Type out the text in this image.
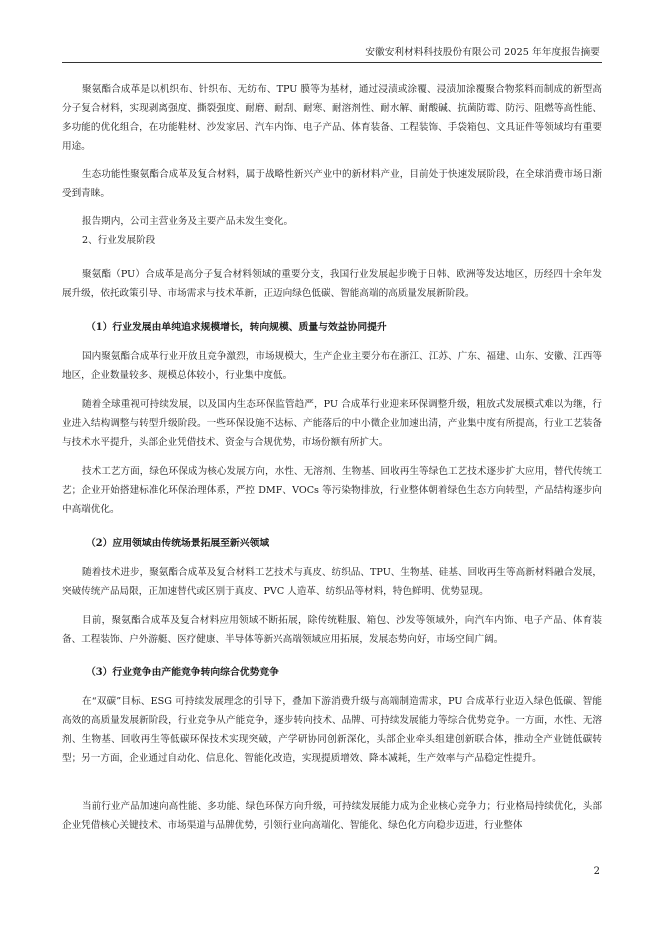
安徽安利材料科技股份有限公司 2025 年年度报告摘要

聚氨酯合成革是以机织布、针织布、无纺布、TPU 膜等为基材，通过浸渍或涂覆、浸渍加涂覆聚合物浆料而制成的新型高分子复合材料，实现剥离强度、撕裂强度、耐磨、耐刮、耐寒、耐溶剂性、耐水解、耐酸碱、抗菌防霉、防污、阻燃等高性能、多功能的优化组合，在功能鞋材、沙发家居、汽车内饰、电子产品、体育装备、工程装饰、手袋箱包、文具证件等领域均有重要用途。

生态功能性聚氨酯合成革及复合材料，属于战略性新兴产业中的新材料产业，目前处于快速发展阶段，在全球消费市场日渐受到青睐。

报告期内，公司主营业务及主要产品未发生变化。

2、行业发展阶段

聚氨酯（PU）合成革是高分子复合材料领域的重要分支，我国行业发展起步晚于日韩、欧洲等发达地区，历经四十余年发展升级，依托政策引导、市场需求与技术革新，正迈向绿色低碳、智能高端的高质量发展新阶段。

（1）行业发展由单纯追求规模增长，转向规模、质量与效益协同提升

国内聚氨酯合成革行业开放且竞争激烈，市场规模大，生产企业主要分布在浙江、江苏、广东、福建、山东、安徽、江西等地区，企业数量较多、规模总体较小，行业集中度低。

随着全球重视可持续发展，以及国内生态环保监管趋严，PU 合成革行业迎来环保调整升级，粗放式发展模式难以为继，行业进入结构调整与转型升级阶段。一些环保设施不达标、产能落后的中小微企业加速出清，产业集中度有所提高，行业工艺装备与技术水平提升，头部企业凭借技术、资金与合规优势，市场份额有所扩大。

技术工艺方面，绿色环保成为核心发展方向，水性、无溶剂、生物基、回收再生等绿色工艺技术逐步扩大应用，替代传统工艺；企业开始搭建标准化环保治理体系，严控 DMF、VOCs 等污染物排放，行业整体朝着绿色生态方向转型，产品结构逐步向中高端优化。

（2）应用领域由传统场景拓展至新兴领域

随着技术进步，聚氨酯合成革及复合材料工艺技术与真皮、纺织品、TPU、生物基、硅基、回收再生等高新材料融合发展，突破传统产品局限，正加速替代或区别于真皮、PVC 人造革、纺织品等材料，特色鲜明、优势显现。

目前，聚氨酯合成革及复合材料应用领域不断拓展，除传统鞋服、箱包、沙发等领域外，向汽车内饰、电子产品、体育装备、工程装饰、户外游艇、医疗健康、半导体等新兴高端领域应用拓展，发展态势向好，市场空间广阔。

（3）行业竞争由产能竞争转向综合优势竞争

在“双碳”目标、ESG 可持续发展理念的引导下，叠加下游消费升级与高端制造需求，PU 合成革行业迈入绿色低碳、智能高效的高质量发展新阶段，行业竞争从产能竞争，逐步转向技术、品牌、可持续发展能力等综合优势竞争。一方面，水性、无溶剂、生物基、回收再生等低碳环保技术实现突破，产学研协同创新深化，头部企业牵头组建创新联合体，推动全产业链低碳转型；另一方面，企业通过自动化、信息化、智能化改造，实现提质增效、降本减耗，生产效率与产品稳定性提升。

当前行业产品加速向高性能、多功能、绿色环保方向升级，可持续发展能力成为企业核心竞争力；行业格局持续优化，头部企业凭借核心关键技术、市场渠道与品牌优势，引领行业向高端化、智能化、绿色化方向稳步迈进，行业整体

2
